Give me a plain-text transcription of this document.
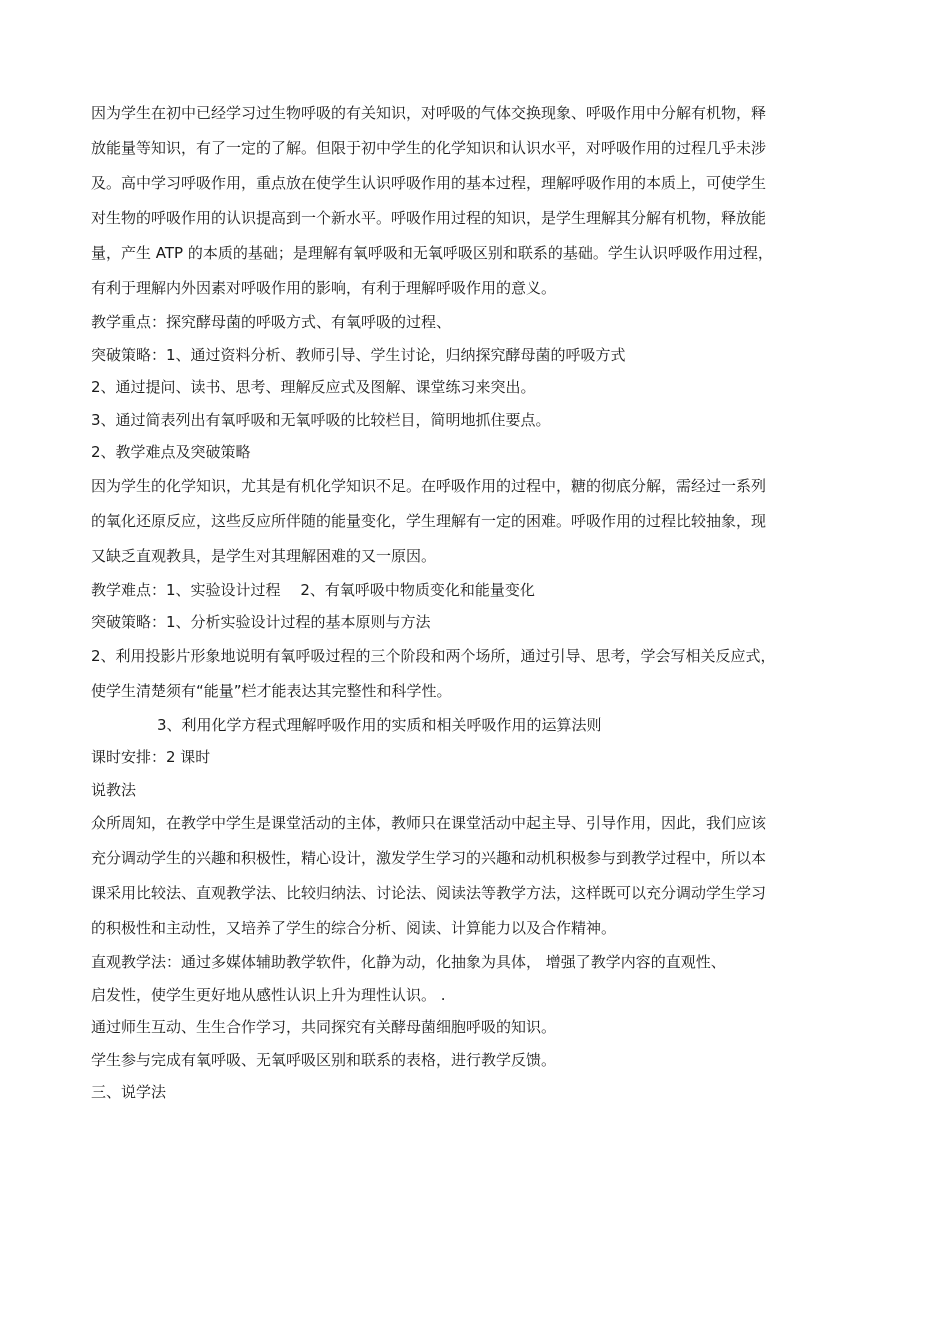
因为学生在初中已经学习过生物呼吸的有关知识，对呼吸的气体交换现象、呼吸作用中分解有机物，释

放能量等知识，有了一定的了解。但限于初中学生的化学知识和认识水平，对呼吸作用的过程几乎未涉

及。高中学习呼吸作用，重点放在使学生认识呼吸作用的基本过程，理解呼吸作用的本质上，可使学生

对生物的呼吸作用的认识提高到一个新水平。呼吸作用过程的知识，是学生理解其分解有机物，释放能

量，产生 ATP 的本质的基础；是理解有氧呼吸和无氧呼吸区别和联系的基础。学生认识呼吸作用过程，

有利于理解内外因素对呼吸作用的影响，有利于理解呼吸作用的意义。

教学重点：探究酵母菌的呼吸方式、有氧呼吸的过程、

突破策略：1、通过资料分析、教师引导、学生讨论，归纳探究酵母菌的呼吸方式

2、通过提问、读书、思考、理解反应式及图解、课堂练习来突出。

3、通过简表列出有氧呼吸和无氧呼吸的比较栏目，简明地抓住要点。

2、教学难点及突破策略

因为学生的化学知识，尤其是有机化学知识不足。在呼吸作用的过程中，糖的彻底分解，需经过一系列

的氧化还原反应，这些反应所伴随的能量变化，学生理解有一定的困难。呼吸作用的过程比较抽象，现

又缺乏直观教具，是学生对其理解困难的又一原因。

教学难点：1、实验设计过程　 2、有氧呼吸中物质变化和能量变化

突破策略：1、分析实验设计过程的基本原则与方法

2、利用投影片形象地说明有氧呼吸过程的三个阶段和两个场所，通过引导、思考，学会写相关反应式，

使学生清楚须有“能量”栏才能表达其完整性和科学性。

3、利用化学方程式理解呼吸作用的实质和相关呼吸作用的运算法则

课时安排：2 课时

说教法

众所周知，在教学中学生是课堂活动的主体，教师只在课堂活动中起主导、引导作用，因此，我们应该

充分调动学生的兴趣和积极性，精心设计，激发学生学习的兴趣和动机积极参与到教学过程中，所以本

课采用比较法、直观教学法、比较归纳法、讨论法、阅读法等教学方法，这样既可以充分调动学生学习

的积极性和主动性，又培养了学生的综合分析、阅读、计算能力以及合作精神。

直观教学法：通过多媒体辅助教学软件，化静为动，化抽象为具体， 增强了教学内容的直观性、

启发性，使学生更好地从感性认识上升为理性认识。 .

通过师生互动、生生合作学习，共同探究有关酵母菌细胞呼吸的知识。

学生参与完成有氧呼吸、无氧呼吸区别和联系的表格，进行教学反馈。

三、说学法
